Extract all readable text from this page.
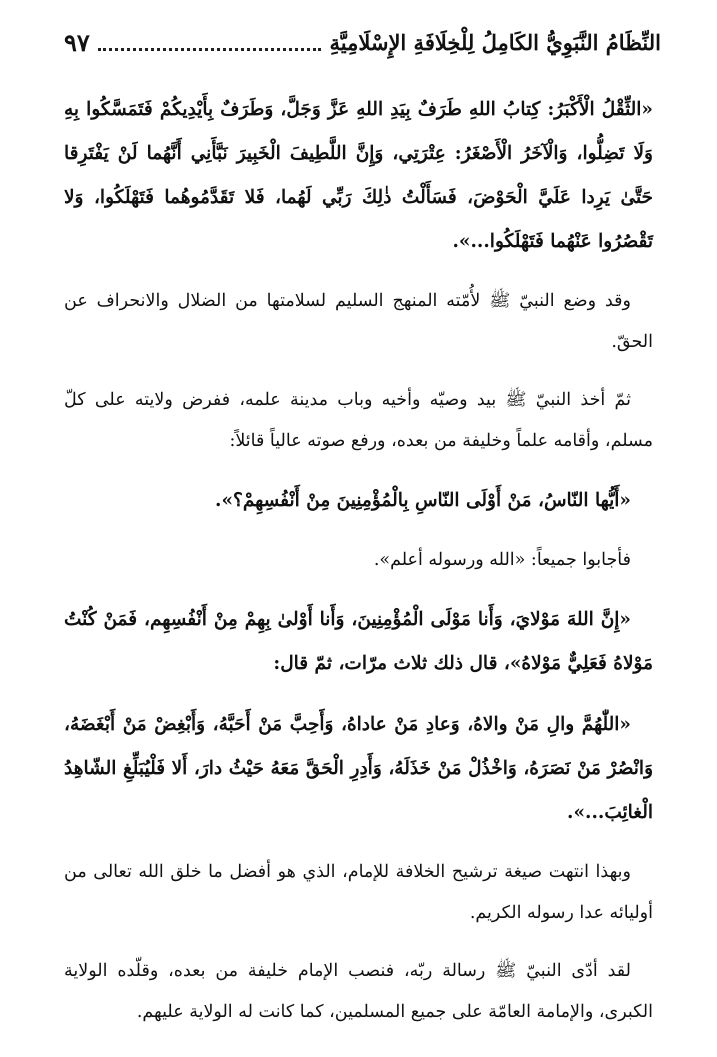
النِّظَامُ النَّبَوِيُّ الكَامِلُ لِلْخِلَافَةِ الإِسْلَامِيَّةِ
٩٧

«الثِّقْلُ الْأَكْبَرُ: كِتابُ اللهِ طَرَفٌ بِيَدِ اللهِ عَزَّ وَجَلَّ، وَطَرَفٌ بِأَيْدِيكُمْ فَتَمَسَّكُوا بِهِ وَلَا تَضِلُّوا، وَالْآخَرُ الْأَصْغَرُ: عِتْرَتِي، وَإِنَّ اللَّطِيفَ الْخَبِيرَ نَبَّأَنِي أَنَّهُما لَنْ يَفْتَرِقا حَتَّىٰ يَرِدا عَلَيَّ الْحَوْضَ، فَسَأَلْتُ ذٰلِكَ رَبِّي لَهُما، فَلا تَقَدَّمُوهُما فَتَهْلَكُوا، وَلا تَقْصُرُوا عَنْهُما فَتَهْلَكُوا...».

وقد وضع النبيّ ﷺ لأُمّته المنهج السليم لسلامتها من الضلال والانحراف عن الحقّ.

ثمّ أخذ النبيّ ﷺ بيد وصيّه وأخيه وباب مدينة علمه، ففرض ولايته على كلّ مسلم، وأقامه علماً وخليفة من بعده، ورفع صوته عالياً قائلاً:

«أَيُّها النّاسُ، مَنْ أَوْلَى النّاسِ بِالْمُؤْمِنِينَ مِنْ أَنْفُسِهِمْ؟».

فأجابوا جميعاً: «الله ورسوله أعلم».

«إِنَّ اللهَ مَوْلايَ، وَأَنا مَوْلَى الْمُؤْمِنِينَ، وَأَنا أَوْلىٰ بِهِمْ مِنْ أَنْفُسِهِم، فَمَنْ كُنْتُ مَوْلاهُ فَعَلِيٌّ مَوْلاهُ»، قال ذلك ثلاث مرّات، ثمّ قال:

«اللّٰهُمَّ والِ مَنْ والاهُ، وَعادِ مَنْ عاداهُ، وَأَحِبَّ مَنْ أَحَبَّهُ، وَأَبْغِضْ مَنْ أَبْغَضَهُ، وَانْصُرْ مَنْ نَصَرَهُ، وَاخْذُلْ مَنْ خَذَلَهُ، وَأَدِرِ الْحَقَّ مَعَهُ حَيْثُ دارَ، أَلا فَلْيُبَلِّغِ الشّاهِدُ الْغائِبَ...».

وبهذا انتهت صيغة ترشيح الخلافة للإمام، الذي هو أفضل ما خلق الله تعالى من أوليائه عدا رسوله الكريم.

لقد أدّى النبيّ ﷺ رسالة ربّه، فنصب الإمام خليفة من بعده، وقلّده الولاية الكبرى، والإمامة العامّة على جميع المسلمين، كما كانت له الولاية عليهم.
